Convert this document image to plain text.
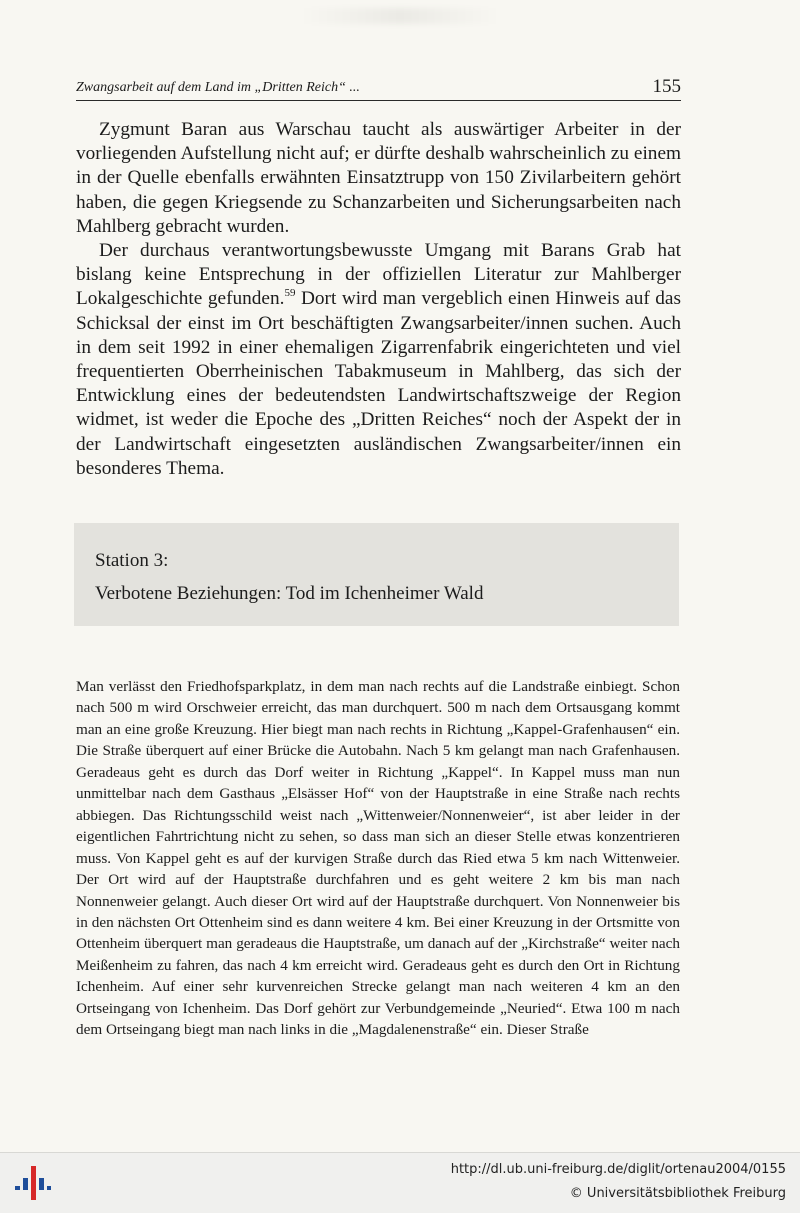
Zwangsarbeit auf dem Land im „Dritten Reich“ ...	155

Zygmunt Baran aus Warschau taucht als auswärtiger Arbeiter in der vorliegenden Aufstellung nicht auf; er dürfte deshalb wahrscheinlich zu einem in der Quelle ebenfalls erwähnten Einsatztrupp von 150 Zivilarbeitern gehört haben, die gegen Kriegsende zu Schanzarbeiten und Sicherungsarbeiten nach Mahlberg gebracht wurden.

Der durchaus verantwortungsbewusste Umgang mit Barans Grab hat bislang keine Entsprechung in der offiziellen Literatur zur Mahlberger Lokalgeschichte gefunden.$^{59}$ Dort wird man vergeblich einen Hinweis auf das Schicksal der einst im Ort beschäftigten Zwangsarbeiter/innen suchen. Auch in dem seit 1992 in einer ehemaligen Zigarrenfabrik eingerichteten und viel frequentierten Oberrheinischen Tabakmuseum in Mahlberg, das sich der Entwicklung eines der bedeutendsten Landwirtschaftszweige der Region widmet, ist weder die Epoche des „Dritten Reiches“ noch der Aspekt der in der Landwirtschaft eingesetzten ausländischen Zwangsarbeiter/innen ein besonderes Thema.

Station 3:
Verbotene Beziehungen: Tod im Ichenheimer Wald

Man verlässt den Friedhofsparkplatz, in dem man nach rechts auf die Landstraße einbiegt. Schon nach 500 m wird Orschweier erreicht, das man durchquert. 500 m nach dem Ortsausgang kommt man an eine große Kreuzung. Hier biegt man nach rechts in Richtung „Kappel-Grafenhausen“ ein. Die Straße überquert auf einer Brücke die Autobahn. Nach 5 km gelangt man nach Grafenhausen. Geradeaus geht es durch das Dorf weiter in Richtung „Kappel“. In Kappel muss man nun unmittelbar nach dem Gasthaus „Elsässer Hof“ von der Hauptstraße in eine Straße nach rechts abbiegen. Das Richtungsschild weist nach „Wittenweier/Nonnenweier“, ist aber leider in der eigentlichen Fahrtrichtung nicht zu sehen, so dass man sich an dieser Stelle etwas konzentrieren muss. Von Kappel geht es auf der kurvigen Straße durch das Ried etwa 5 km nach Wittenweier. Der Ort wird auf der Hauptstraße durchfahren und es geht weitere 2 km bis man nach Nonnenweier gelangt. Auch dieser Ort wird auf der Hauptstraße durchquert. Von Nonnenweier bis in den nächsten Ort Ottenheim sind es dann weitere 4 km. Bei einer Kreuzung in der Ortsmitte von Ottenheim überquert man geradeaus die Hauptstraße, um danach auf der „Kirchstraße“ weiter nach Meißenheim zu fahren, das nach 4 km erreicht wird. Geradeaus geht es durch den Ort in Richtung Ichenheim. Auf einer sehr kurvenreichen Strecke gelangt man nach weiteren 4 km an den Ortseingang von Ichenheim. Das Dorf gehört zur Verbundgemeinde „Neuried“. Etwa 100 m nach dem Ortseingang biegt man nach links in die „Magdalenenstraße“ ein. Dieser Straße

http://dl.ub.uni-freiburg.de/diglit/ortenau2004/0155
© Universitätsbibliothek Freiburg
